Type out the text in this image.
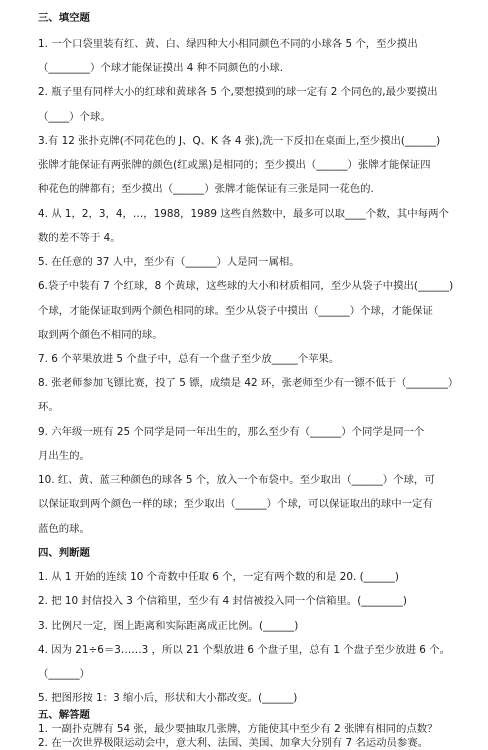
三、填空题
1. 一个口袋里装有红、黄、白、绿四种大小相同颜色不同的小球各 5 个，至少摸出
（________）个球才能保证摸出 4 种不同颜色的小球.
2. 瓶子里有同样大小的红球和黄球各 5 个,要想摸到的球一定有 2 个同色的,最少要摸出
（____）个球。
3.有 12 张扑克牌(不同花色的 J、Q、K 各 4 张),洗一下反扣在桌面上,至少摸出(______)
张牌才能保证有两张牌的颜色(红或黑)是相同的；至少摸出（______）张牌才能保证四
种花色的牌都有；至少摸出（______）张牌才能保证有三张是同一花色的.
4. 从 1，2，3，4，…，1988，1989 这些自然数中，最多可以取____个数，其中每两个
数的差不等于 4。
5. 在任意的 37 人中，至少有（______）人是同一属相。
6.袋子中装有 7 个红球，8 个黄球，这些球的大小和材质相同，至少从袋子中摸出(______)
个球，才能保证取到两个颜色相同的球。至少从袋子中摸出（______）个球，才能保证
取到两个颜色不相同的球。
7. 6 个苹果放进 5 个盘子中，总有一个盘子至少放_____个苹果。
8. 张老师参加飞镖比赛，投了 5 镖，成绩是 42 环，张老师至少有一镖不低于（________）
环。
9. 六年级一班有 25 个同学是同一年出生的，那么至少有（______）个同学是同一个
月出生的。
10. 红、黄、蓝三种颜色的球各 5 个，放入一个布袋中。至少取出（______）个球，可
以保证取到两个颜色一样的球；至少取出（______）个球，可以保证取出的球中一定有
蓝色的球。
四、判断题
1. 从 1 开始的连续 10 个奇数中任取 6 个，一定有两个数的和是 20. (______)
2. 把 10 封信投入 3 个信箱里，至少有 4 封信被投入同一个信箱里。(________)
3. 比例尺一定，图上距离和实际距离成正比例。(______)
4. 因为 21÷6＝3……3 ，所以 21 个梨放进 6 个盘子里，总有 1 个盘子至少放进 6 个。
（______）
5. 把图形按 1：3 缩小后，形状和大小都改变。(______)
五、解答题
1. 一副扑克牌有 54 张，最少要抽取几张牌，方能使其中至少有 2 张牌有相同的点数？
2. 在一次世界极限运动会中，意大利、法国、美国、加拿大分别有 7 名运动员参赛。
